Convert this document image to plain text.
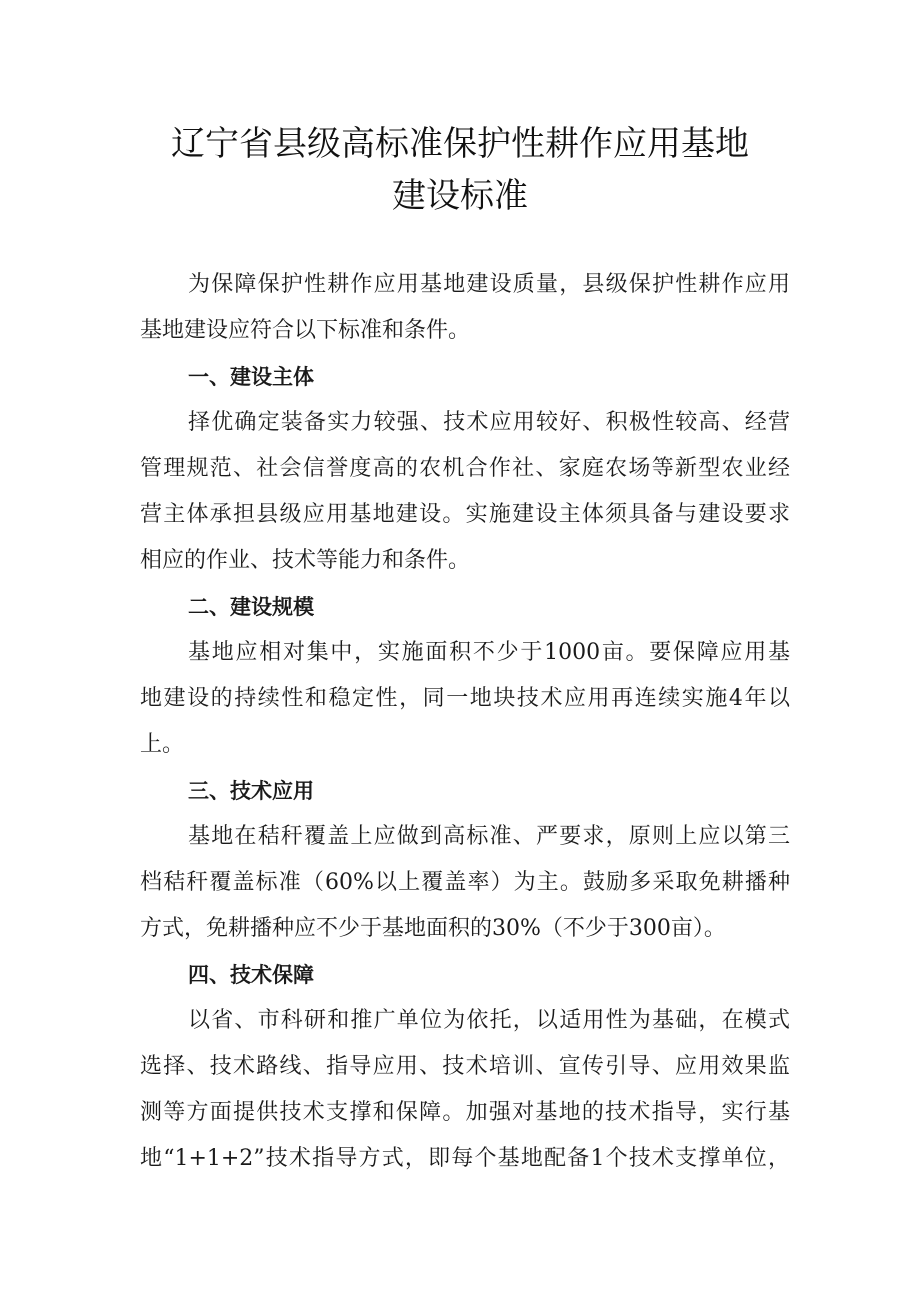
辽宁省县级高标准保护性耕作应用基地
建设标准
为保障保护性耕作应用基地建设质量，县级保护性耕作应用
基地建设应符合以下标准和条件。
一、建设主体
择优确定装备实力较强、技术应用较好、积极性较高、经营
管理规范、社会信誉度高的农机合作社、家庭农场等新型农业经
营主体承担县级应用基地建设。实施建设主体须具备与建设要求
相应的作业、技术等能力和条件。
二、建设规模
基地应相对集中，实施面积不少于1000亩。要保障应用基
地建设的持续性和稳定性，同一地块技术应用再连续实施4年以
上。
三、技术应用
基地在秸秆覆盖上应做到高标准、严要求，原则上应以第三
档秸秆覆盖标准（60%以上覆盖率）为主。鼓励多采取免耕播种
方式，免耕播种应不少于基地面积的30%（不少于300亩）。
四、技术保障
以省、市科研和推广单位为依托，以适用性为基础，在模式
选择、技术路线、指导应用、技术培训、宣传引导、应用效果监
测等方面提供技术支撑和保障。加强对基地的技术指导，实行基
地“1+1+2”技术指导方式，即每个基地配备1个技术支撑单位，
